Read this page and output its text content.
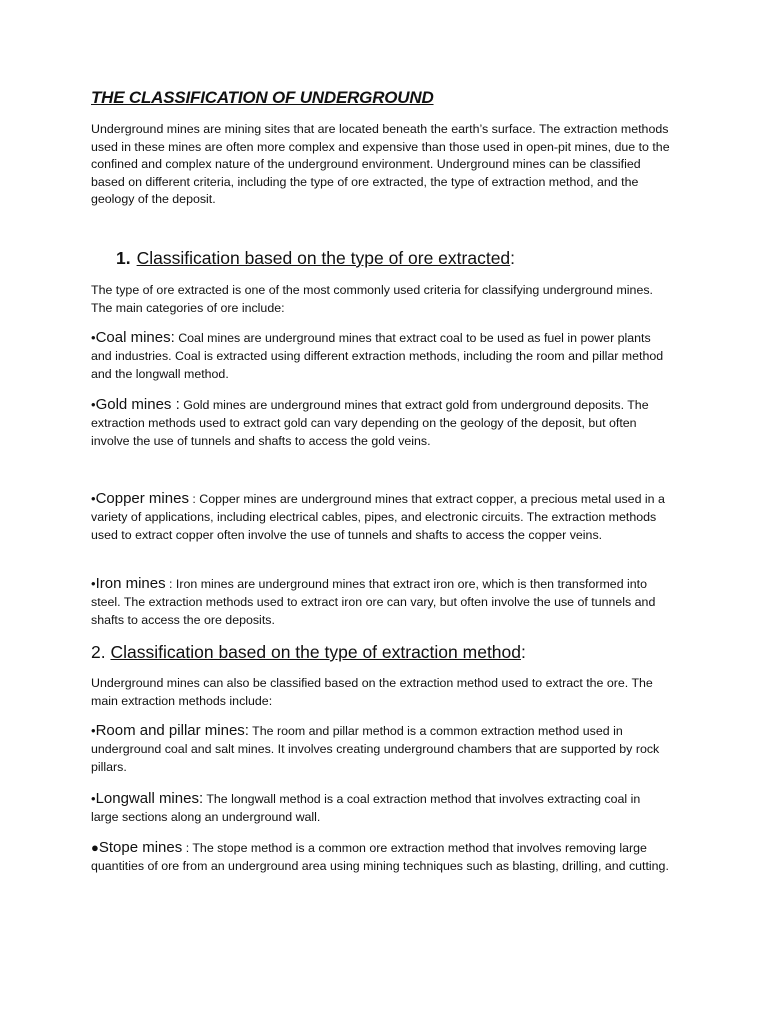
THE CLASSIFICATION OF UNDERGROUND

Underground mines are mining sites that are located beneath the earth’s surface. The extraction methods used in these mines are often more complex and expensive than those used in open-pit mines, due to the confined and complex nature of the underground environment. Underground mines can be classified based on different criteria, including the type of ore extracted, the type of extraction method, and the geology of the deposit.

1. Classification based on the type of ore extracted:

The type of ore extracted is one of the most commonly used criteria for classifying underground mines. The main categories of ore include:

•Coal mines: Coal mines are underground mines that extract coal to be used as fuel in power plants and industries. Coal is extracted using different extraction methods, including the room and pillar method and the longwall method.

•Gold mines : Gold mines are underground mines that extract gold from underground deposits. The extraction methods used to extract gold can vary depending on the geology of the deposit, but often involve the use of tunnels and shafts to access the gold veins.

•Copper mines : Copper mines are underground mines that extract copper, a precious metal used in a variety of applications, including electrical cables, pipes, and electronic circuits. The extraction methods used to extract copper often involve the use of tunnels and shafts to access the copper veins.

•Iron mines : Iron mines are underground mines that extract iron ore, which is then transformed into steel. The extraction methods used to extract iron ore can vary, but often involve the use of tunnels and shafts to access the ore deposits.

2. Classification based on the type of extraction method:

Underground mines can also be classified based on the extraction method used to extract the ore. The main extraction methods include:

•Room and pillar mines: The room and pillar method is a common extraction method used in underground coal and salt mines. It involves creating underground chambers that are supported by rock pillars.

•Longwall mines: The longwall method is a coal extraction method that involves extracting coal in large sections along an underground wall.

●Stope mines : The stope method is a common ore extraction method that involves removing large quantities of ore from an underground area using mining techniques such as blasting, drilling, and cutting.
